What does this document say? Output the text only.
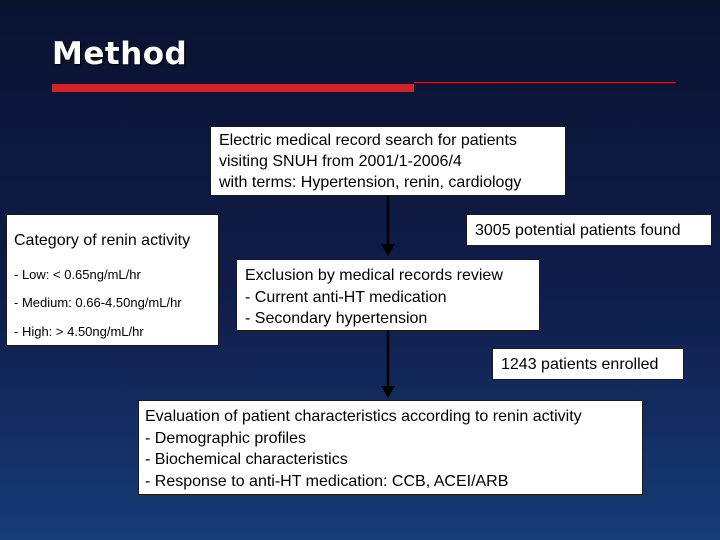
Method
Electric medical record search for patients
visiting SNUH from 2001/1-2006/4
with terms: Hypertension, renin, cardiology
Category of renin activity
- Low: < 0.65ng/mL/hr
- Medium: 0.66-4.50ng/mL/hr
- High: > 4.50ng/mL/hr
3005 potential patients found
Exclusion by medical records review
- Current anti-HT medication
- Secondary hypertension
1243 patients enrolled
Evaluation of patient characteristics according to renin activity
- Demographic profiles
- Biochemical characteristics
- Response to anti-HT medication: CCB, ACEI/ARB
